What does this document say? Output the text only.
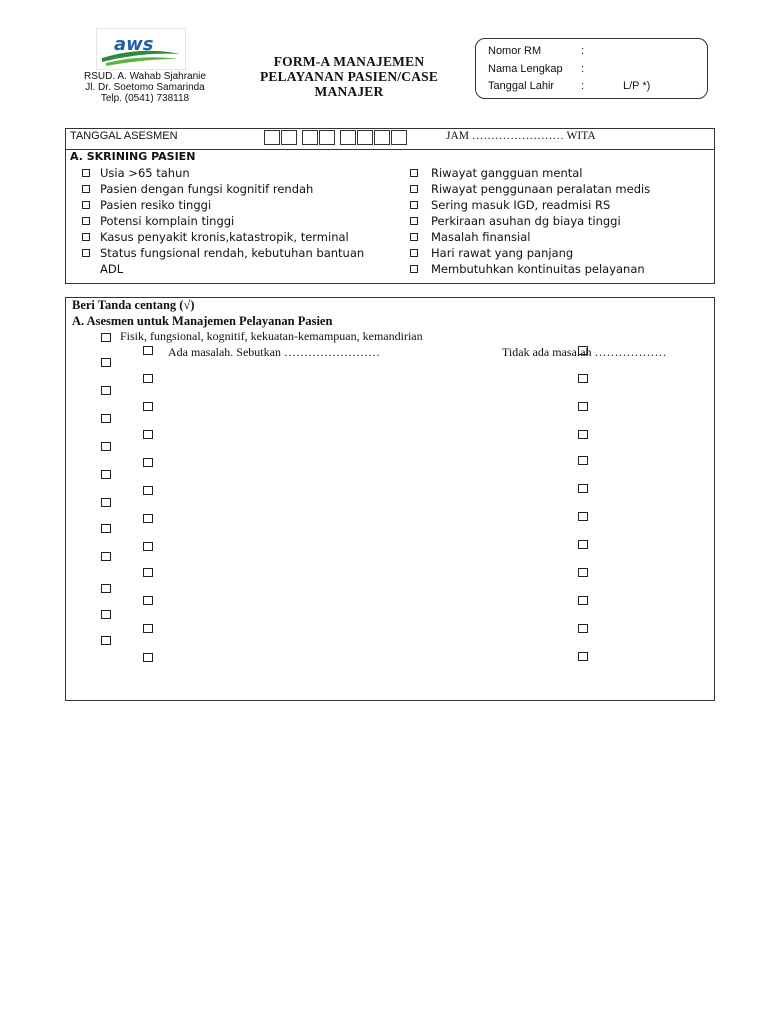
aws
RSUD. A. Wahab Sjahranie
Jl. Dr. Soetomo Samarinda
Telp. (0541) 738118
FORM-A MANAJEMEN
PELAYANAN PASIEN/CASE
MANAJER
Nomor RM	:
Nama Lengkap :
Tanggal Lahir :	L/P *)
TANGGAL ASESMEN	JAM …………………… WITA
A. SKRINING PASIEN
Usia >65 tahun
Pasien dengan fungsi kognitif rendah
Pasien resiko tinggi
Potensi komplain tinggi
Kasus penyakit kronis,katastropik, terminal
Status fungsional rendah, kebutuhan bantuan
ADL
Riwayat gangguan mental
Riwayat penggunaan peralatan medis
Sering masuk IGD, readmisi RS
Perkiraan asuhan dg biaya tinggi
Masalah finansial
Hari rawat yang panjang
Membutuhkan kontinuitas pelayanan
Beri Tanda centang (√)
A. Asesmen untuk Manajemen Pelayanan Pasien
Fisik, fungsional, kognitif, kekuatan-kemampuan, kemandirian
Ada masalah. Sebutkan ……………………	Tidak ada masalah ………………
